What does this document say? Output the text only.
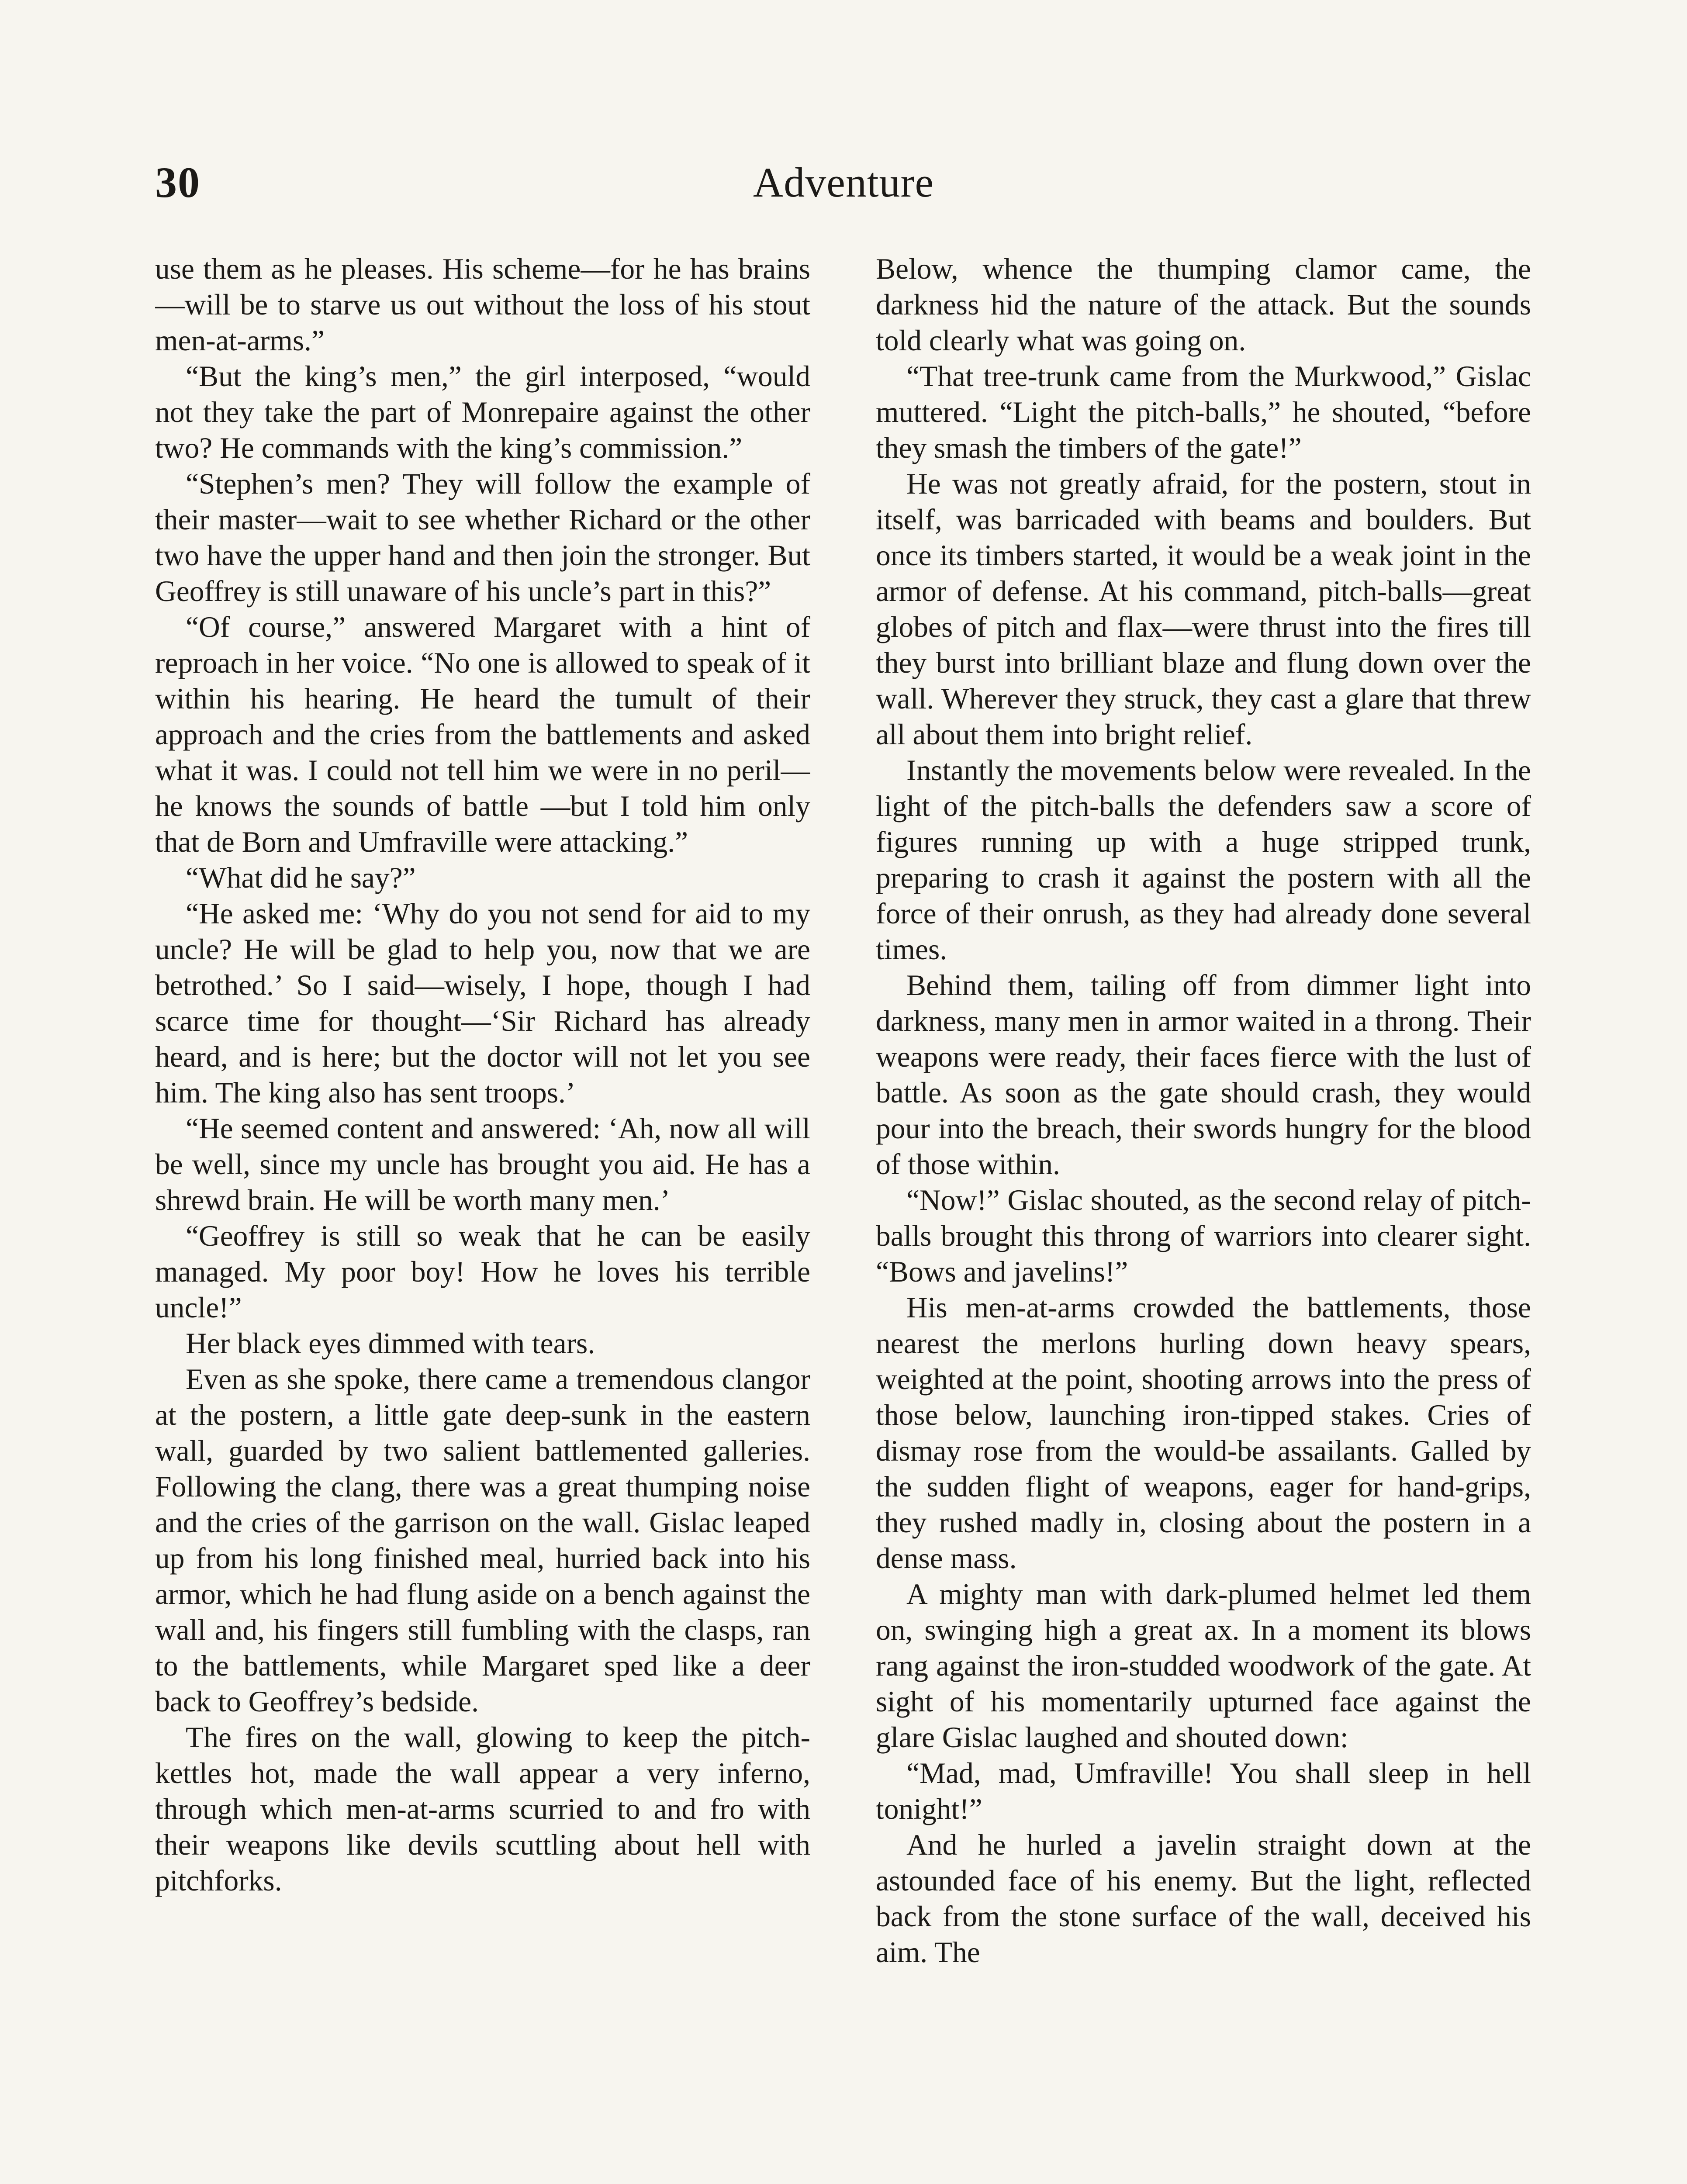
30	Adventure

use them as he pleases. His scheme—for he has brains—will be to starve us out without the loss of his stout men-at-arms.”

“But the king’s men,” the girl interposed, “would not they take the part of Monrepaire against the other two? He commands with the king’s commission.”

“Stephen’s men? They will follow the example of their master—wait to see whether Richard or the other two have the upper hand and then join the stronger. But Geoffrey is still unaware of his uncle’s part in this?”

“Of course,” answered Margaret with a hint of reproach in her voice. “No one is allowed to speak of it within his hearing. He heard the tumult of their approach and the cries from the battlements and asked what it was. I could not tell him we were in no peril—he knows the sounds of battle —but I told him only that de Born and Umfraville were attacking.”

“What did he say?”

“He asked me: ‘Why do you not send for aid to my uncle? He will be glad to help you, now that we are betrothed.’ So I said—wisely, I hope, though I had scarce time for thought—‘Sir Richard has already heard, and is here; but the doctor will not let you see him. The king also has sent troops.’

“He seemed content and answered: ‘Ah, now all will be well, since my uncle has brought you aid. He has a shrewd brain. He will be worth many men.’

“Geoffrey is still so weak that he can be easily managed. My poor boy! How he loves his terrible uncle!”

Her black eyes dimmed with tears.

Even as she spoke, there came a tremendous clangor at the postern, a little gate deep-sunk in the eastern wall, guarded by two salient battlemented galleries. Following the clang, there was a great thumping noise and the cries of the garrison on the wall. Gislac leaped up from his long finished meal, hurried back into his armor, which he had flung aside on a bench against the wall and, his fingers still fumbling with the clasps, ran to the battlements, while Margaret sped like a deer back to Geoffrey’s bedside.

The fires on the wall, glowing to keep the pitch-kettles hot, made the wall appear a very inferno, through which men-at-arms scurried to and fro with their weapons like devils scuttling about hell with pitchforks.

Below, whence the thumping clamor came, the darkness hid the nature of the attack. But the sounds told clearly what was going on.

“That tree-trunk came from the Murkwood,” Gislac muttered. “Light the pitch-balls,” he shouted, “before they smash the timbers of the gate!”

He was not greatly afraid, for the postern, stout in itself, was barricaded with beams and boulders. But once its timbers started, it would be a weak joint in the armor of defense. At his command, pitch-balls—great globes of pitch and flax—were thrust into the fires till they burst into brilliant blaze and flung down over the wall. Wherever they struck, they cast a glare that threw all about them into bright relief.

Instantly the movements below were revealed. In the light of the pitch-balls the defenders saw a score of figures running up with a huge stripped trunk, preparing to crash it against the postern with all the force of their onrush, as they had already done several times.

Behind them, tailing off from dimmer light into darkness, many men in armor waited in a throng. Their weapons were ready, their faces fierce with the lust of battle. As soon as the gate should crash, they would pour into the breach, their swords hungry for the blood of those within.

“Now!” Gislac shouted, as the second relay of pitch-balls brought this throng of warriors into clearer sight. “Bows and javelins!”

His men-at-arms crowded the battlements, those nearest the merlons hurling down heavy spears, weighted at the point, shooting arrows into the press of those below, launching iron-tipped stakes. Cries of dismay rose from the would-be assailants. Galled by the sudden flight of weapons, eager for hand-grips, they rushed madly in, closing about the postern in a dense mass.

A mighty man with dark-plumed helmet led them on, swinging high a great ax. In a moment its blows rang against the iron-studded woodwork of the gate. At sight of his momentarily upturned face against the glare Gislac laughed and shouted down:

“Mad, mad, Umfraville! You shall sleep in hell tonight!”

And he hurled a javelin straight down at the astounded face of his enemy. But the light, reflected back from the stone surface of the wall, deceived his aim. The
